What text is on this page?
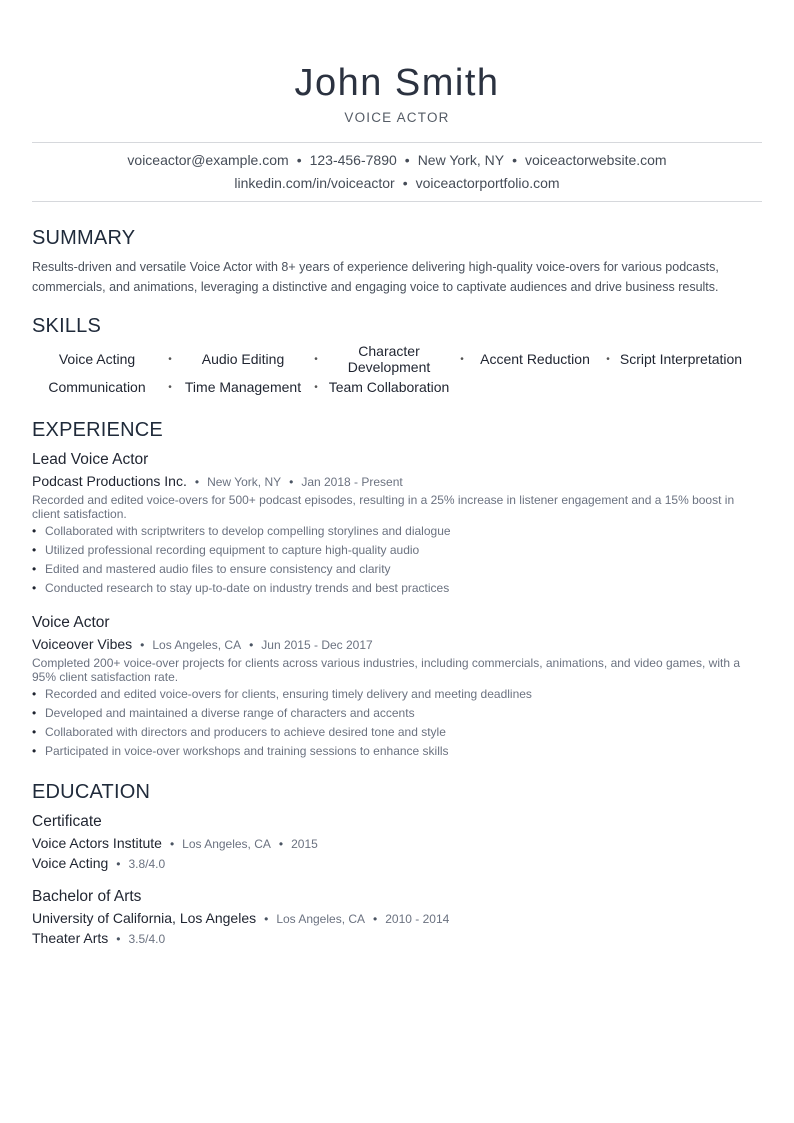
John Smith
VOICE ACTOR
voiceactor@example.com • 123-456-7890 • New York, NY • voiceactorwebsite.com
linkedin.com/in/voiceactor • voiceactorportfolio.com
SUMMARY
Results-driven and versatile Voice Actor with 8+ years of experience delivering high-quality voice-overs for various podcasts, commercials, and animations, leveraging a distinctive and engaging voice to captivate audiences and drive business results.
SKILLS
Voice Acting	•	Audio Editing	•	Character Development	•	Accent Reduction	• Script Interpretation
Communication	• Time Management	• Team Collaboration
EXPERIENCE
Lead Voice Actor
Podcast Productions Inc. • New York, NY • Jan 2018 - Present
Recorded and edited voice-overs for 500+ podcast episodes, resulting in a 25% increase in listener engagement and a 15% boost in client satisfaction.
• Collaborated with scriptwriters to develop compelling storylines and dialogue
• Utilized professional recording equipment to capture high-quality audio
• Edited and mastered audio files to ensure consistency and clarity
• Conducted research to stay up-to-date on industry trends and best practices
Voice Actor
Voiceover Vibes • Los Angeles, CA • Jun 2015 - Dec 2017
Completed 200+ voice-over projects for clients across various industries, including commercials, animations, and video games, with a 95% client satisfaction rate.
• Recorded and edited voice-overs for clients, ensuring timely delivery and meeting deadlines
• Developed and maintained a diverse range of characters and accents
• Collaborated with directors and producers to achieve desired tone and style
• Participated in voice-over workshops and training sessions to enhance skills
EDUCATION
Certificate
Voice Actors Institute • Los Angeles, CA • 2015
Voice Acting • 3.8/4.0
Bachelor of Arts
University of California, Los Angeles • Los Angeles, CA • 2010 - 2014
Theater Arts • 3.5/4.0
